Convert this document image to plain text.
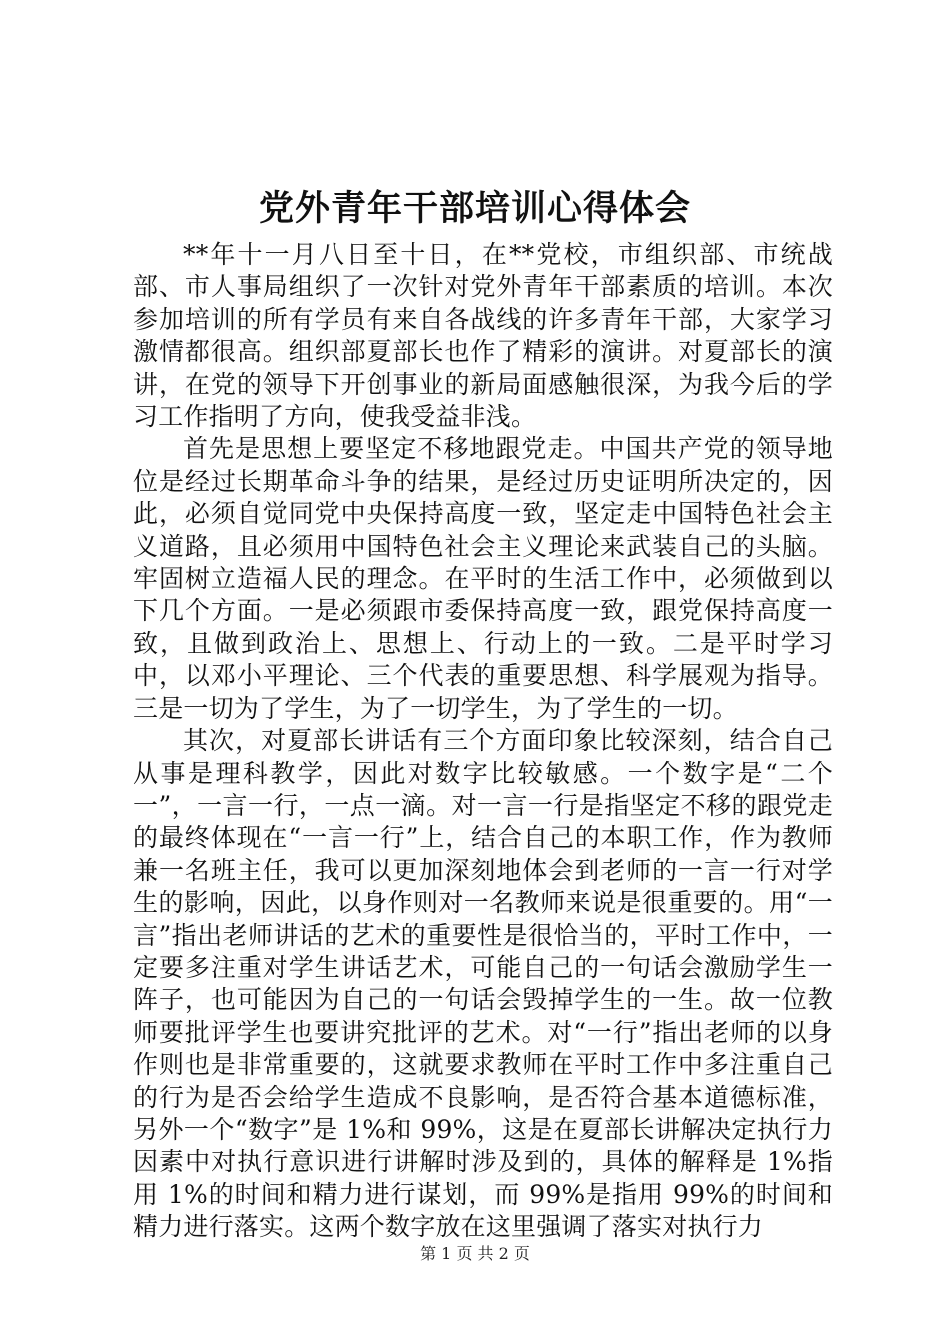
党外青年干部培训心得体会

**年十一月八日至十日，在**党校，市组织部、市统战部、市人事局组织了一次针对党外青年干部素质的培训。本次参加培训的所有学员有来自各战线的许多青年干部，大家学习激情都很高。组织部夏部长也作了精彩的演讲。对夏部长的演讲，在党的领导下开创事业的新局面感触很深，为我今后的学习工作指明了方向，使我受益非浅。

首先是思想上要坚定不移地跟党走。中国共产党的领导地位是经过长期革命斗争的结果，是经过历史证明所决定的，因此，必须自觉同党中央保持高度一致，坚定走中国特色社会主义道路，且必须用中国特色社会主义理论来武装自己的头脑。牢固树立造福人民的理念。在平时的生活工作中，必须做到以下几个方面。一是必须跟市委保持高度一致，跟党保持高度一致，且做到政治上、思想上、行动上的一致。二是平时学习中，以邓小平理论、三个代表的重要思想、科学展观为指导。三是一切为了学生，为了一切学生，为了学生的一切。

其次，对夏部长讲话有三个方面印象比较深刻，结合自己从事是理科教学，因此对数字比较敏感。一个数字是“二个一”，一言一行，一点一滴。对一言一行是指坚定不移的跟党走的最终体现在“一言一行”上，结合自己的本职工作，作为教师兼一名班主任，我可以更加深刻地体会到老师的一言一行对学生的影响，因此，以身作则对一名教师来说是很重要的。用“一言”指出老师讲话的艺术的重要性是很恰当的，平时工作中，一定要多注重对学生讲话艺术，可能自己的一句话会激励学生一阵子，也可能因为自己的一句话会毁掉学生的一生。故一位教师要批评学生也要讲究批评的艺术。对“一行”指出老师的以身作则也是非常重要的，这就要求教师在平时工作中多注重自己的行为是否会给学生造成不良影响，是否符合基本道德标准，另外一个“数字”是 1%和 99%，这是在夏部长讲解决定执行力因素中对执行意识进行讲解时涉及到的，具体的解释是 1%指用 1%的时间和精力进行谋划，而 99%是指用 99%的时间和精力进行落实。这两个数字放在这里强调了落实对执行力

第 1 页 共 2 页
